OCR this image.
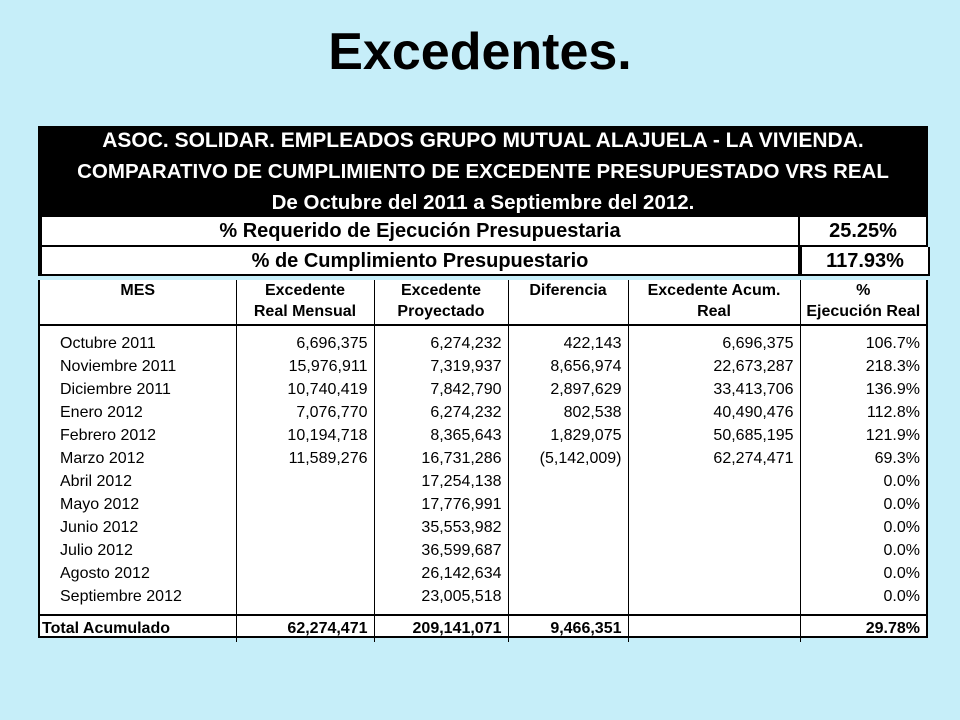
Excedentes.
ASOC. SOLIDAR. EMPLEADOS GRUPO MUTUAL ALAJUELA - LA VIVIENDA.
COMPARATIVO DE CUMPLIMIENTO DE EXCEDENTE PRESUPUESTADO VRS REAL
De Octubre del 2011 a Septiembre del 2012.
% Requerido de Ejecución Presupuestaria	25.25%
% de Cumplimiento Presupuestario	117.93%
MES	Excedente	Excedente	Diferencia	Excedente Acum.	%
	Real Mensual	Proyectado		Real	Ejecución Real

Octubre 2011	6,696,375	6,274,232	422,143	6,696,375	106.7%
Noviembre 2011	15,976,911	7,319,937	8,656,974	22,673,287	218.3%
Diciembre 2011	10,740,419	7,842,790	2,897,629	33,413,706	136.9%
Enero 2012	7,076,770	6,274,232	802,538	40,490,476	112.8%
Febrero 2012	10,194,718	8,365,643	1,829,075	50,685,195	121.9%
Marzo 2012	11,589,276	16,731,286	(5,142,009)	62,274,471	69.3%
Abril 2012		17,254,138			0.0%
Mayo 2012		17,776,991			0.0%
Junio 2012		35,553,982			0.0%
Julio 2012		36,599,687			0.0%
Agosto 2012		26,142,634			0.0%
Septiembre 2012		23,005,518			0.0%

Total Acumulado	62,274,471	209,141,071	9,466,351		29.78%
